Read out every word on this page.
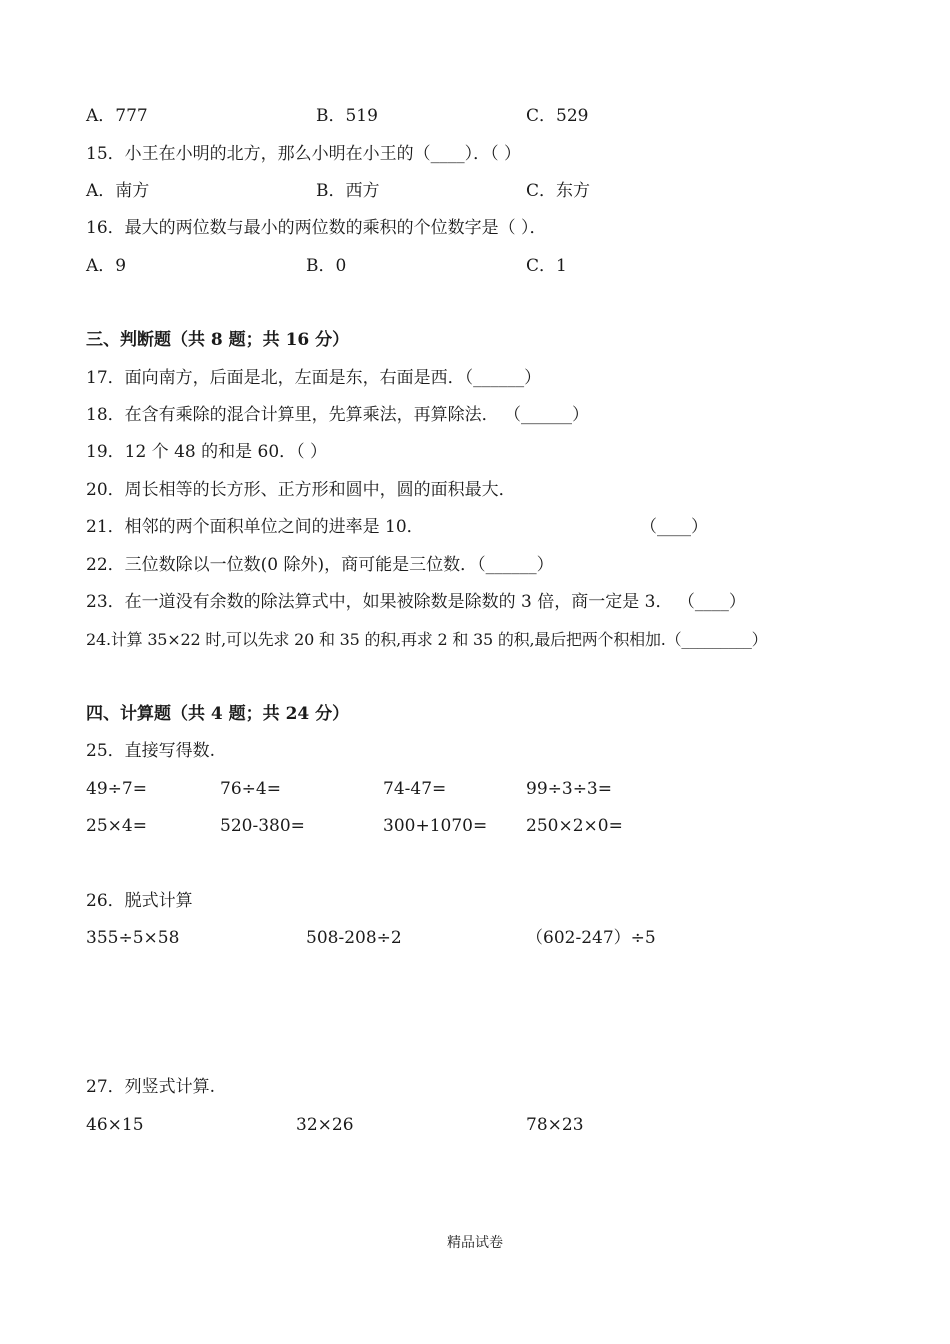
A．777	B．519	C．529
15．小王在小明的北方，那么小明在小王的（____）．（ ）
A．南方	B．西方	C．东方
16．最大的两位数与最小的两位数的乘积的个位数字是（ ）．
A．9	B．0	C．1
三、判断题（共 8 题；共 16 分）
17．面向南方，后面是北，左面是东，右面是西．（______）
18．在含有乘除的混合计算里，先算乘法，再算除法． （______）
19．12 个 48 的和是 60．（ ）
20．周长相等的长方形、正方形和圆中，圆的面积最大．
21．相邻的两个面积单位之间的进率是 10．	（____）
22．三位数除以一位数(0 除外)，商可能是三位数．（______）
23．在一道没有余数的除法算式中，如果被除数是除数的 3 倍，商一定是 3． （____）
24.计算 35×22 时,可以先求 20 和 35 的积,再求 2 和 35 的积,最后把两个积相加.（_________）
四、计算题（共 4 题；共 24 分）
25．直接写得数.
49÷7=	76÷4=	74-47=	99÷3÷3=
25×4=	520-380=	300+1070= 250×2×0=
26．脱式计算
355÷5×58	508-208÷2	（602-247）÷5
27．列竖式计算.
46×15	32×26	78×23
精品试卷
